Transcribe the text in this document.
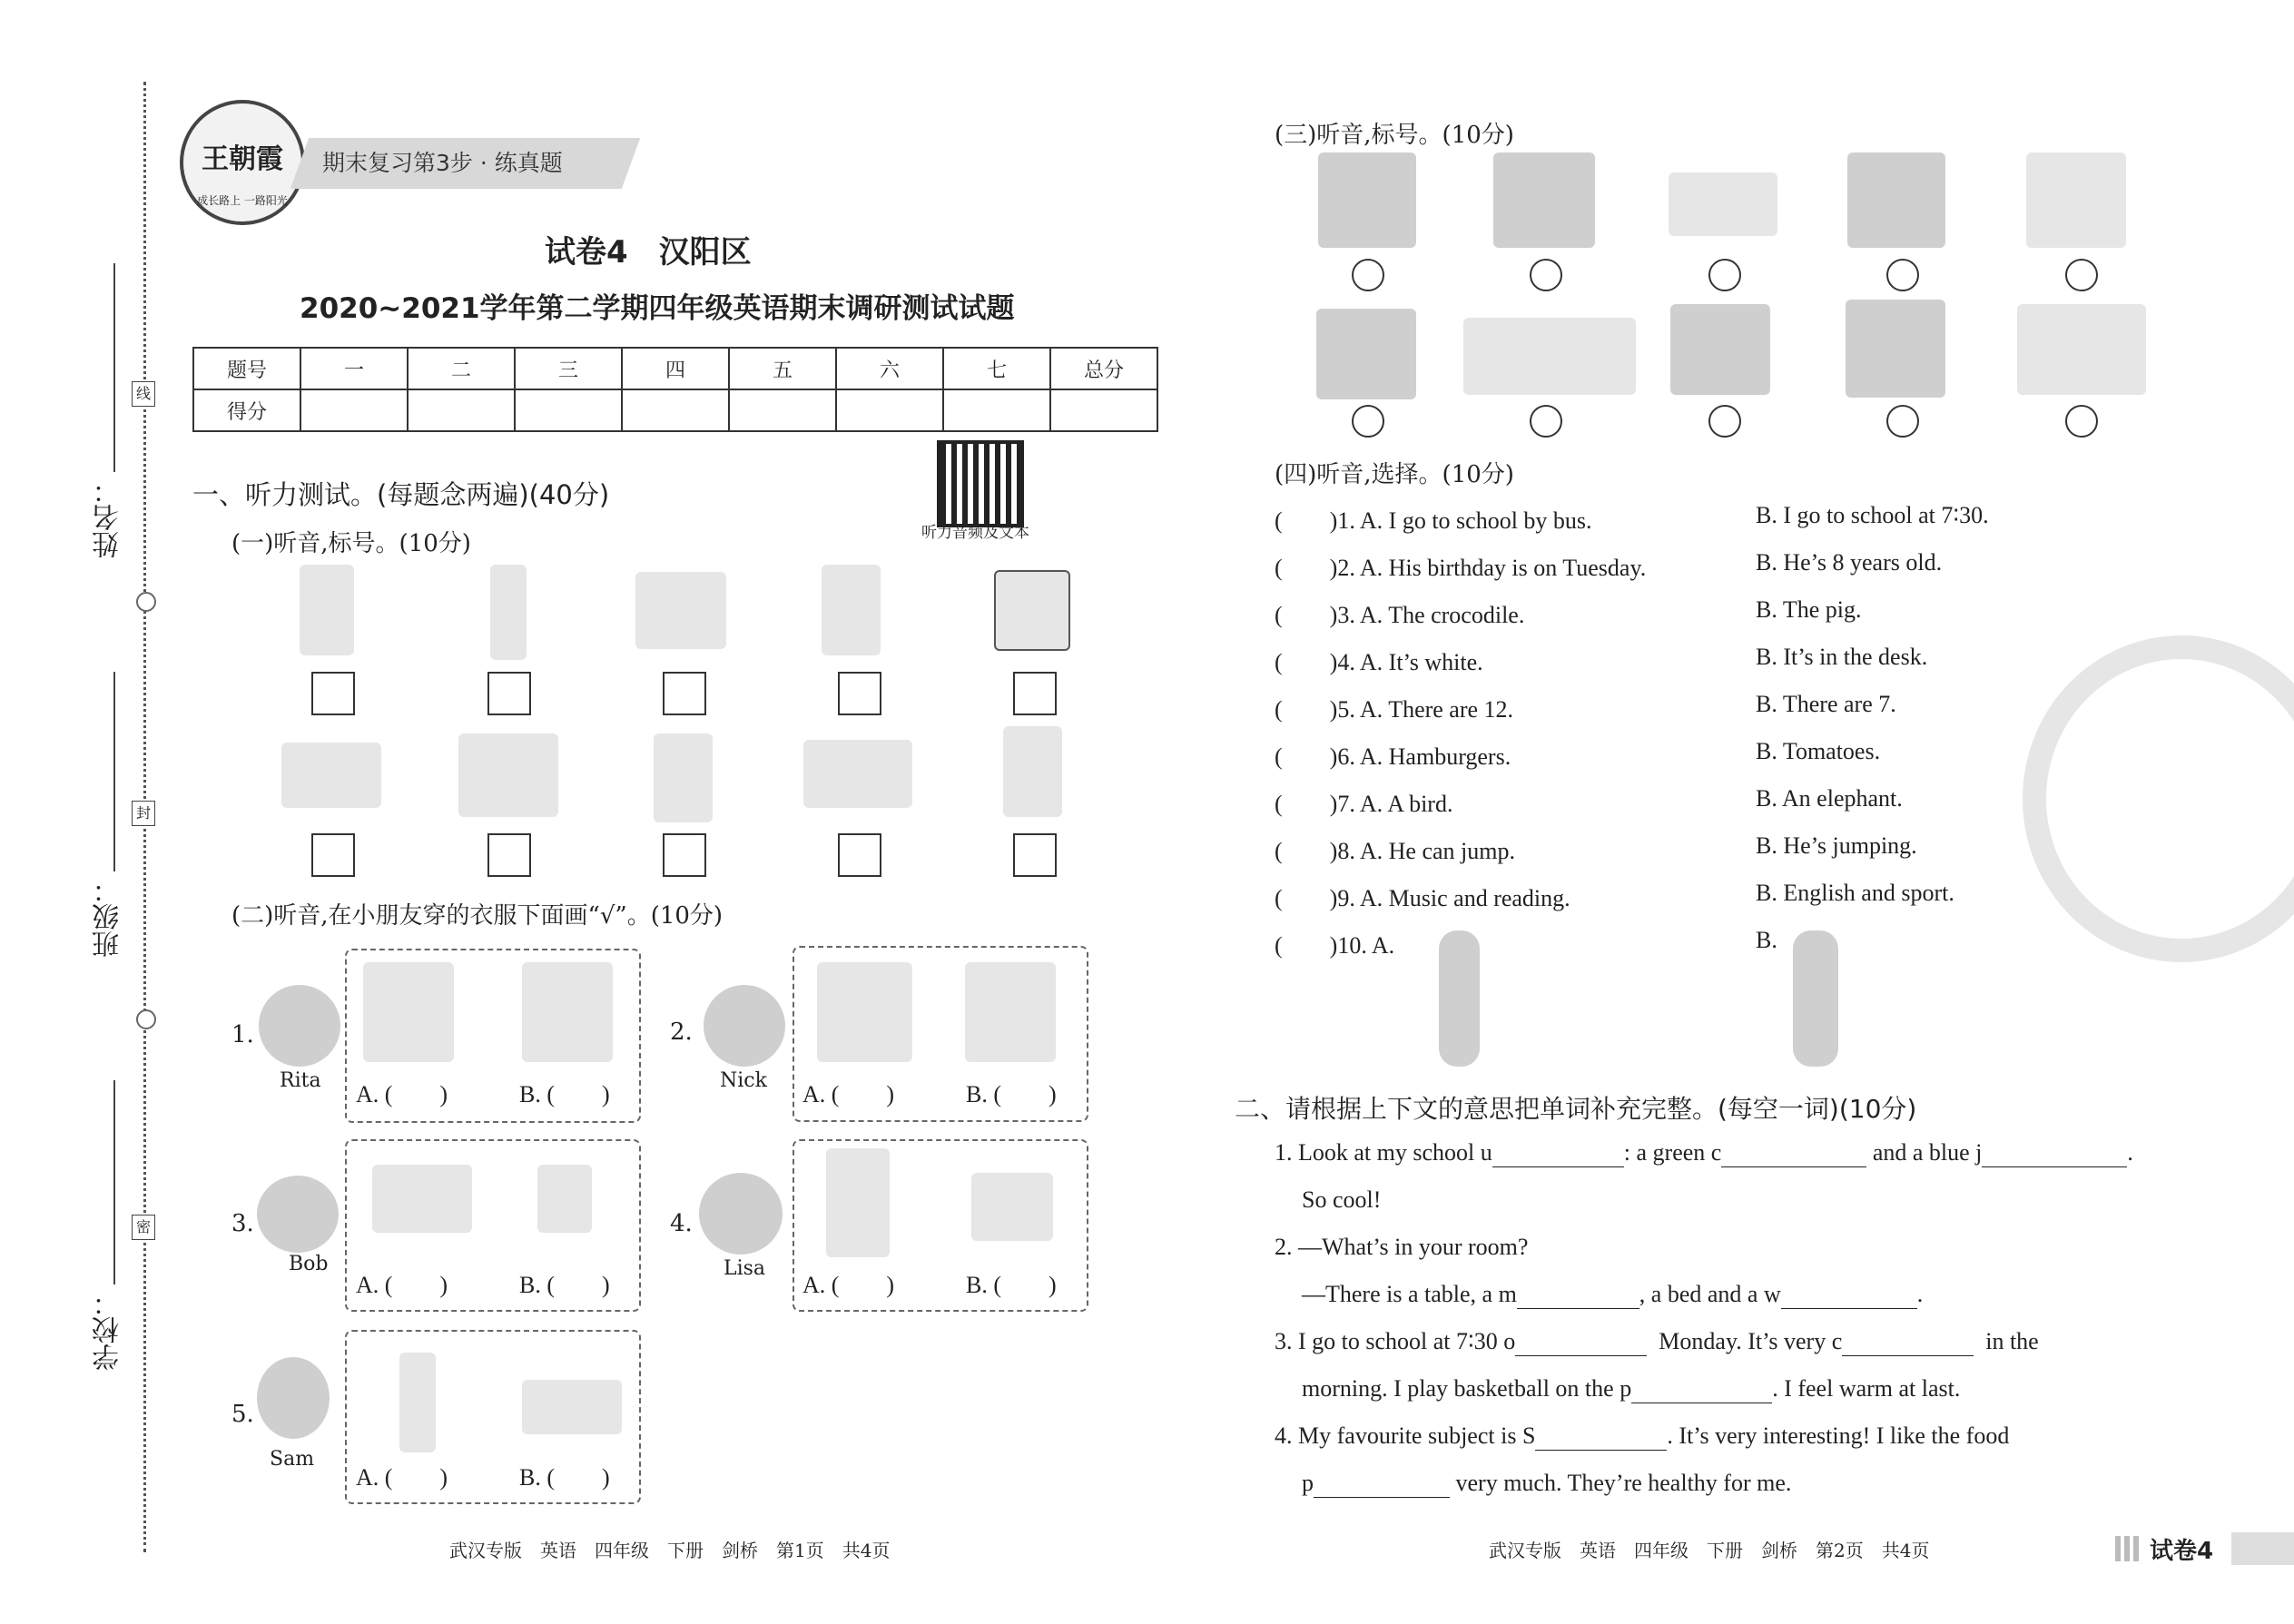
姓名：
班级：
学校：
线
封
密
王朝霞
成长路上 一路阳光
期末复习第3步 · 练真题
试卷4　汉阳区
2020~2021学年第二学期四年级英语期末调研测试试题
题号	一	二	三	四	五	六	七	总分
得分								
听力音频及文本
一、听力测试。(每题念两遍)(40分)
(一)听音,标号。(10分)
(二)听音,在小朋友穿的衣服下面画“√”。(10分)
1.
Rita
A. (　　)	B. (　　)
2.
Nick
A. (　　)	B. (　　)
3.
Bob
A. (　　)	B. (　　)
4.
Lisa
A. (　　)	B. (　　)
5.
Sam
A. (　　)	B. (　　)
武汉专版　英语　四年级　下册　剑桥　第1页　共4页
(三)听音,标号。(10分)
(四)听音,选择。(10分)
(　　)1. A. I go to school by bus.	B. I go to school at 7∶30.
(　　)2. A. His birthday is on Tuesday.	B. He’s 8 years old.
(　　)3. A. The crocodile.	B. The pig.
(　　)4. A. It’s white.	B. It’s in the desk.
(　　)5. A. There are 12.	B. There are 7.
(　　)6. A. Hamburgers.	B. Tomatoes.
(　　)7. A. A bird.	B. An elephant.
(　　)8. A. He can jump.	B. He’s jumping.
(　　)9. A. Music and reading.	B. English and sport.
(　　)10. A.	B.
二、请根据上下文的意思把单词补充完整。(每空一词)(10分)
1. Look at my school u	: a green c	and a blue j	.
So cool!
2. —What’s in your room?
—There is a table, a m	, a bed and a w	.
3. I go to school at 7∶30 o	Monday. It’s very c	in the
morning. I play basketball on the p	. I feel warm at last.
4. My favourite subject is S	. It’s very interesting! I like the food
p	very much. They’re healthy for me.
武汉专版　英语　四年级　下册　剑桥　第2页　共4页	试卷4
